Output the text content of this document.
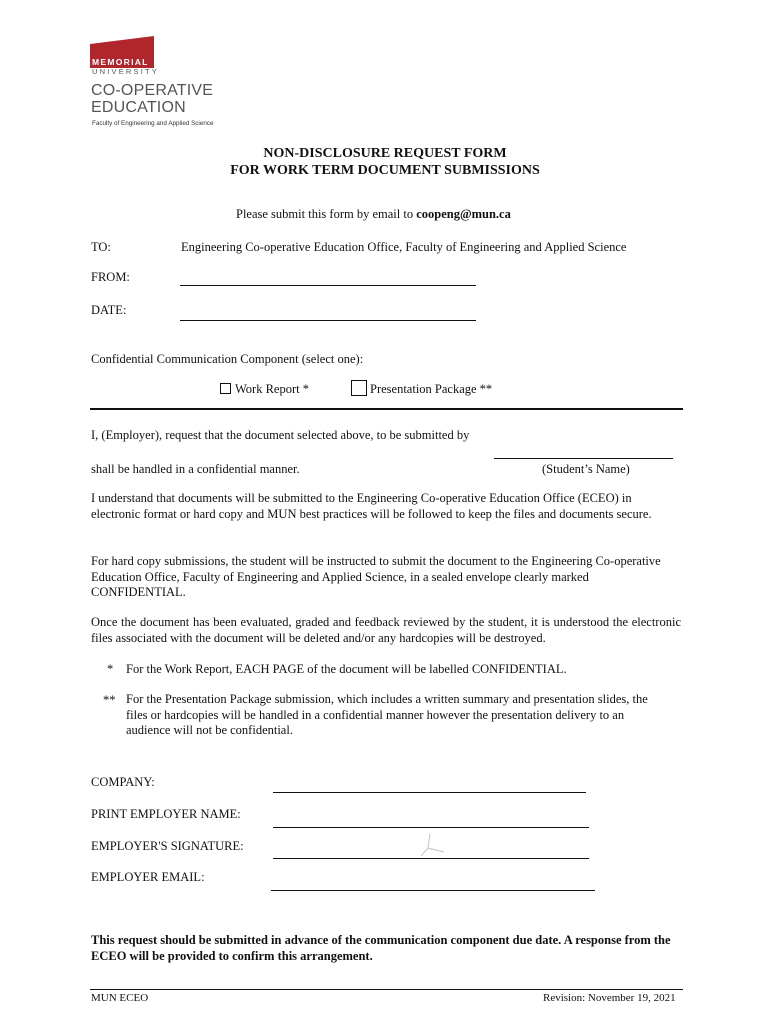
MEMORIAL
UNIVERSITY
CO-OPERATIVE
EDUCATION
Faculty of Engineering and Applied Science
NON-DISCLOSURE REQUEST FORM
FOR WORK TERM DOCUMENT SUBMISSIONS
Please submit this form by email to coopeng@mun.ca
TO:	Engineering Co-operative Education Office, Faculty of Engineering and Applied Science
FROM:
DATE:
Confidential Communication Component (select one):
Work Report *	Presentation Package **
I, (Employer), request that the document selected above, to be submitted by
shall be handled in a confidential manner.	(Student’s Name)
I understand that documents will be submitted to the Engineering Co-operative Education Office (ECEO) in electronic format or hard copy and MUN best practices will be followed to keep the files and documents secure.
For hard copy submissions, the student will be instructed to submit the document to the Engineering Co-operative Education Office, Faculty of Engineering and Applied Science, in a sealed envelope clearly marked CONFIDENTIAL.
Once the document has been evaluated, graded and feedback reviewed by the student, it is understood the electronic files associated with the document will be deleted and/or any hardcopies will be destroyed.
* For the Work Report, EACH PAGE of the document will be labelled CONFIDENTIAL.
** For the Presentation Package submission, which includes a written summary and presentation slides, the files or hardcopies will be handled in a confidential manner however the presentation delivery to an audience will not be confidential.
COMPANY:
PRINT EMPLOYER NAME:
EMPLOYER'S SIGNATURE:
EMPLOYER EMAIL:
This request should be submitted in advance of the communication component due date. A response from the ECEO will be provided to confirm this arrangement.
MUN ECEO	Revision: November 19, 2021
